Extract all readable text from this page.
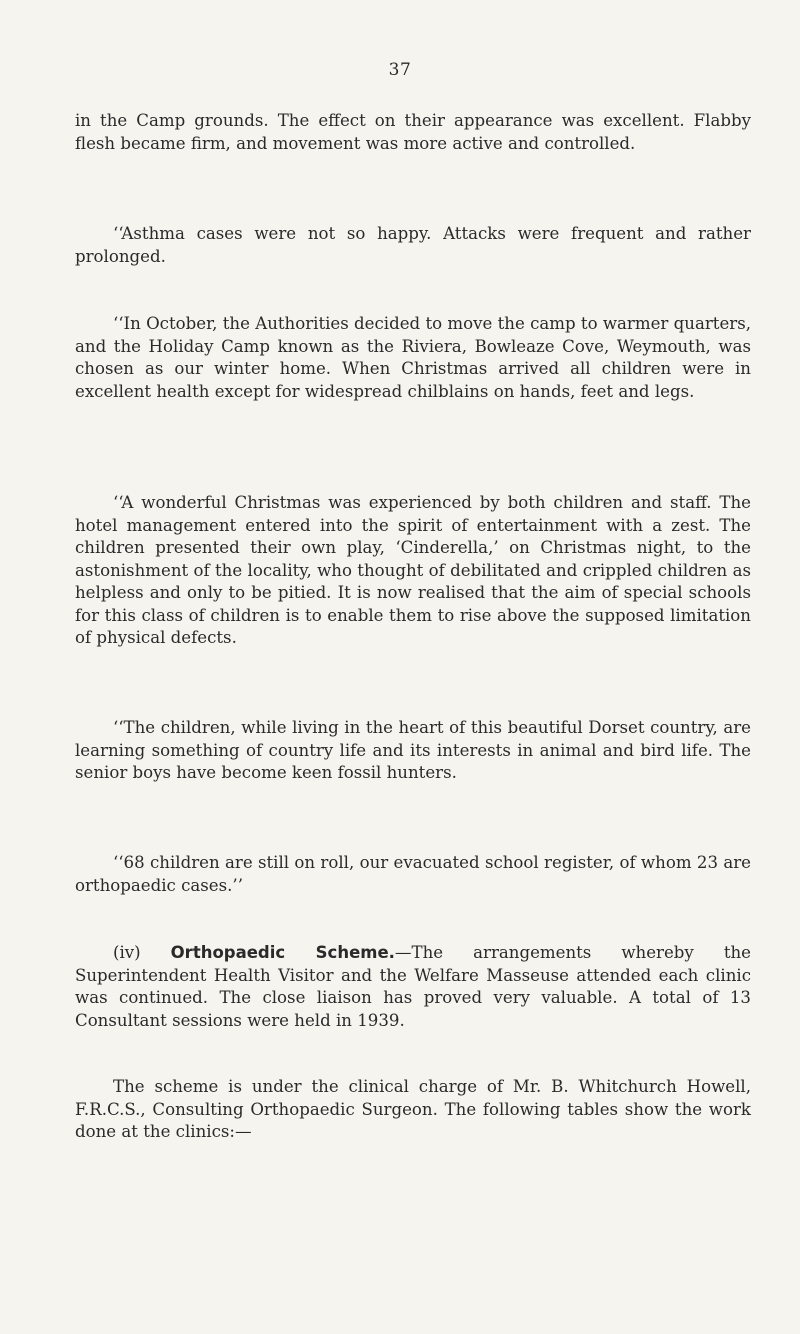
37

in the Camp grounds. The effect on their appearance was excellent. Flabby flesh became firm, and movement was more active and controlled.

‘‘Asthma cases were not so happy. Attacks were frequent and rather prolonged.

‘‘In October, the Authorities decided to move the camp to warmer quarters, and the Holiday Camp known as the Riviera, Bowleaze Cove, Weymouth, was chosen as our winter home. When Christmas arrived all children were in excellent health except for widespread chilblains on hands, feet and legs.

‘‘A wonderful Christmas was experienced by both children and staff. The hotel management entered into the spirit of entertainment with a zest. The children presented their own play, ‘Cinderella,’ on Christmas night, to the astonishment of the locality, who thought of debilitated and crippled children as helpless and only to be pitied. It is now realised that the aim of special schools for this class of children is to enable them to rise above the supposed limitation of physical defects.

‘‘The children, while living in the heart of this beautiful Dorset country, are learning something of country life and its interests in animal and bird life. The senior boys have become keen fossil hunters.

‘‘68 children are still on roll, our evacuated school register, of whom 23 are orthopaedic cases.’’

(iv) Orthopaedic Scheme.—The arrangements whereby the Superintendent Health Visitor and the Welfare Masseuse attended each clinic was continued. The close liaison has proved very valuable. A total of 13 Consultant sessions were held in 1939.

The scheme is under the clinical charge of Mr. B. Whitchurch Howell, F.R.C.S., Consulting Orthopaedic Surgeon. The following tables show the work done at the clinics:—
